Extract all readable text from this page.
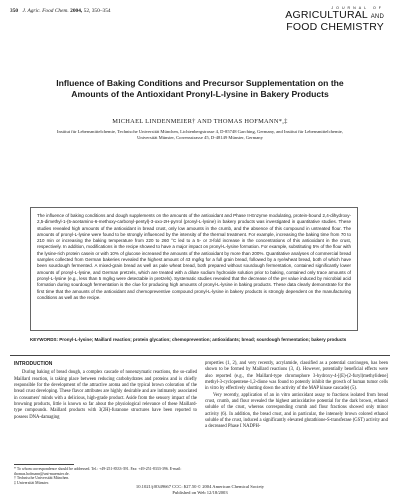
350 J. Agric. Food Chem. 2004, 52, 350–354	JOURNAL OF
AGRICULTURAL AND
FOOD CHEMISTRY
Influence of Baking Conditions and Precursor Supplementation on the Amounts of the Antioxidant Pronyl-L-lysine in Bakery Products
MICHAEL LINDENMEIER† AND THOMAS HOFMANN*,‡
Institut für Lebensmittelchemie, Technische Universität München, Lichtenbergstrasse 4, D-85748 Garching, Germany, and Institut für Lebensmittelchemie, Universität Münster, Corrensstrasse 45, D-48149 Münster, Germany
The influence of baking conditions and dough supplements on the amounts of the antioxidant and Phase II-Enzyme modulating, protein-bound 2,4-dihydroxy-2,5-dimethyl-1-(5-acetamino-6-methoxy-carbonyl-pentyl)-3-oxo-2H-pyrrol (pronyl-L-lysine) in bakery products was investigated in quantitative studies. These studies revealed high amounts of the antioxidant in bread crust, only low amounts in the crumb, and the absence of this compound in untreated flour. The amounts of pronyl-L-lysine were found to be strongly influenced by the intensity of the thermal treatment. For example, increasing the baking time from 70 to 210 min or increasing the baking temperature from 220 to 260 °C led to a 5- or 3-fold increase in the concentrations of this antioxidant in the crust, respectively. In addition, modifications in the recipe showed to have a major impact on pronyl-L-lysine formation. For example, substituting 5% of the flour with the lysine-rich protein casein or with 10% of glucose increased the amounts of the antioxidant by more than 200%. Quantitative analyses of commercial bread samples collected from German bakeries revealed the highest amount of 43 mg/kg for a full grain bread, followed by a rye/wheat bread, both of which have been sourdough fermented. A mixed-grain bread as well as pale wheat bread, both prepared without sourdough fermentation, contained significantly lower amounts of pronyl-L-lysine, and German pretzels, which are treated with a dilute sodium hydroxide solution prior to baking, contained only trace amounts of pronyl-L-lysine (e.g., less than 5 mg/kg were detectable in pretzels). Systematic studies revealed that the decrease of the pH value induced by microbial acid formation during sourdough fermentation is the clue for producing high amounts of pronyl-L-lysine in baking products. These data clearly demonstrate for the first time that the amounts of the antioxidant and chemopreventive compound pronyl-L-lysine in bakery products is strongly dependent on the manufacturing conditions as well as the recipe.
KEYWORDS: Pronyl-L-lysine; Maillard reaction; protein glycation; chemoprevention; antioxidants; bread; sourdough fermentation; bakery products
INTRODUCTION

During baking of bread dough, a complex cascade of nonenzymatic reactions, the so-called Maillard reaction, is taking place between reducing carbohydrates and proteins and is chiefly responsible for the development of the attractive aroma and the typical brown coloration of the bread crust developing. These flavor attributes are highly desirable and are intimately associated in consumers' minds with a delicious, high-grade product. Aside from the sensory impact of the browning products, little is known so far about the physiological relevance of these Maillard-type compounds. Maillard products with 3(2H)-furanone structures have been reported to possess DNA-damaging

properties (1, 2), and very recently, acrylamide, classified as a potential carcinogen, has been shown to be formed by Maillard reactions (3, 4). However, potentially beneficial effects were also reported (e.g., the Maillard-type chromophore 3-hydroxy-4-[(E)-(2-furyl)methylidene] methyl-3-cyclopentene-1,2-dione was found to potently inhibit the growth of human tumor cells in vitro by effectively shutting down the activity of the MAP kinase cascade) (5).

Very recently, application of an in vitro antioxidant assay to fractions isolated from bread crust, crumb, and flour revealed the highest antioxidative potential for the dark brown, ethanol soluble of the crust, whereas corresponding crumb and flour fractions showed only minor activity (6). In addition, the bread crust, and in particular, the intensely brown colored ethanol soluble of the crust, induced a significantly elevated glutathione-S-transferase (GST) activity and a decreased Phase I NADPH-

* To whom correspondence should be addressed. Tel.: +49-251-8333-391. Fax: +49-251-8333-396. E-mail: thomas.hofmann@uni-muenster.de.
† Technische Universität München.
‡ Universität Münster.
10.1021/jf0349667 CCC: $27.50 © 2004 American Chemical Society
Published on Web 12/18/2003
